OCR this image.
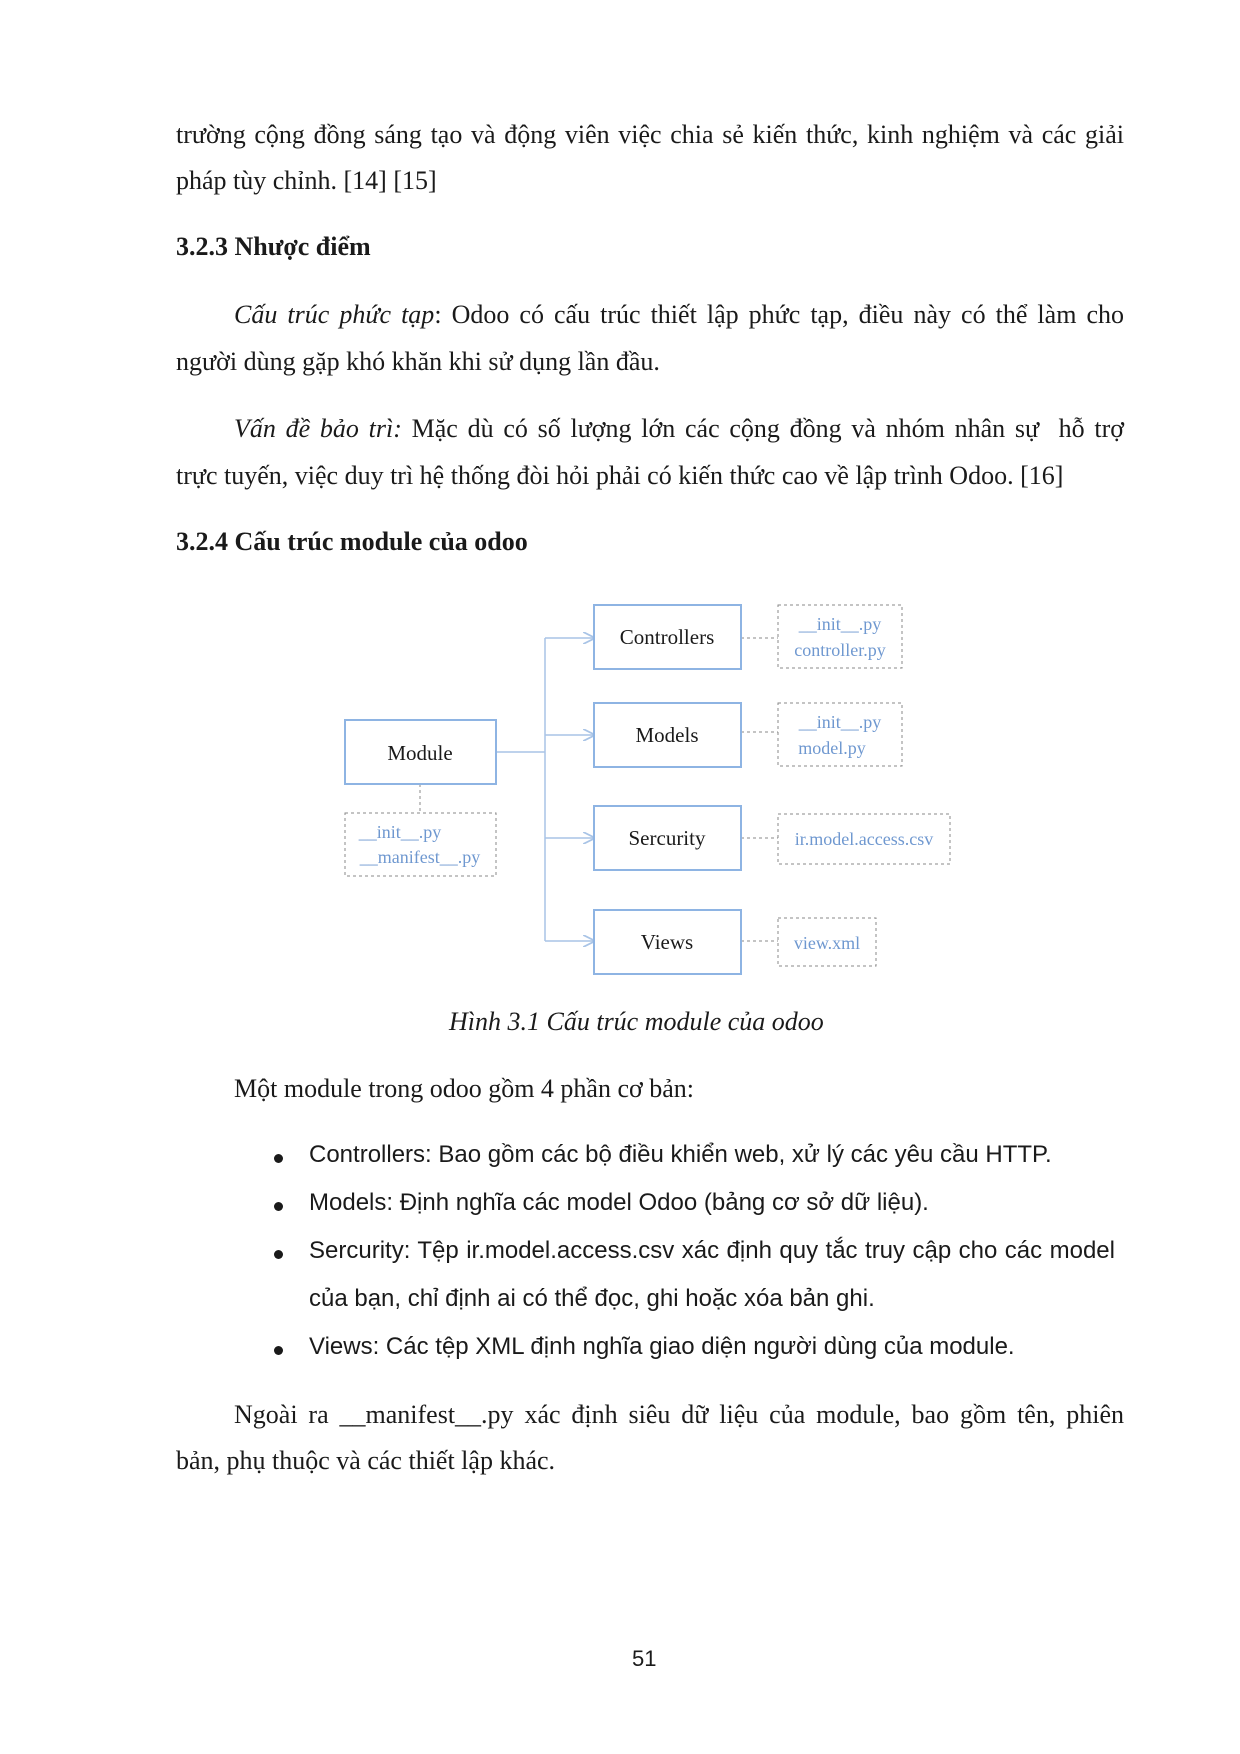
trường cộng đồng sáng tạo và động viên việc chia sẻ kiến thức, kinh nghiệm và các giải
pháp tùy chỉnh. [14] [15]
3.2.3 Nhược điểm
Cấu trúc phức tạp: Odoo có cấu trúc thiết lập phức tạp, điều này có thể làm cho
người dùng gặp khó khăn khi sử dụng lần đầu.
Vấn đề bảo trì: Mặc dù có số lượng lớn các cộng đồng và nhóm nhân sự  hỗ trợ
trực tuyến, việc duy trì hệ thống đòi hỏi phải có kiến thức cao về lập trình Odoo. [16]
3.2.4 Cấu trúc module của odoo
Module
__init__.py
__manifest__.py
Controllers
__init__.py
controller.py
Models
__init__.py
model.py
Sercurity	ir.model.access.csv
Views	view.xml
Hình 3.1 Cấu trúc module của odoo
Một module trong odoo gồm 4 phần cơ bản:
Controllers: Bao gồm các bộ điều khiển web, xử lý các yêu cầu HTTP.
Models: Định nghĩa các model Odoo (bảng cơ sở dữ liệu).
Sercurity: Tệp ir.model.access.csv xác định quy tắc truy cập cho các model
của bạn, chỉ định ai có thể đọc, ghi hoặc xóa bản ghi.
Views: Các tệp XML định nghĩa giao diện người dùng của module.
Ngoài ra __manifest__.py xác định siêu dữ liệu của module, bao gồm tên, phiên
bản, phụ thuộc và các thiết lập khác.
51
